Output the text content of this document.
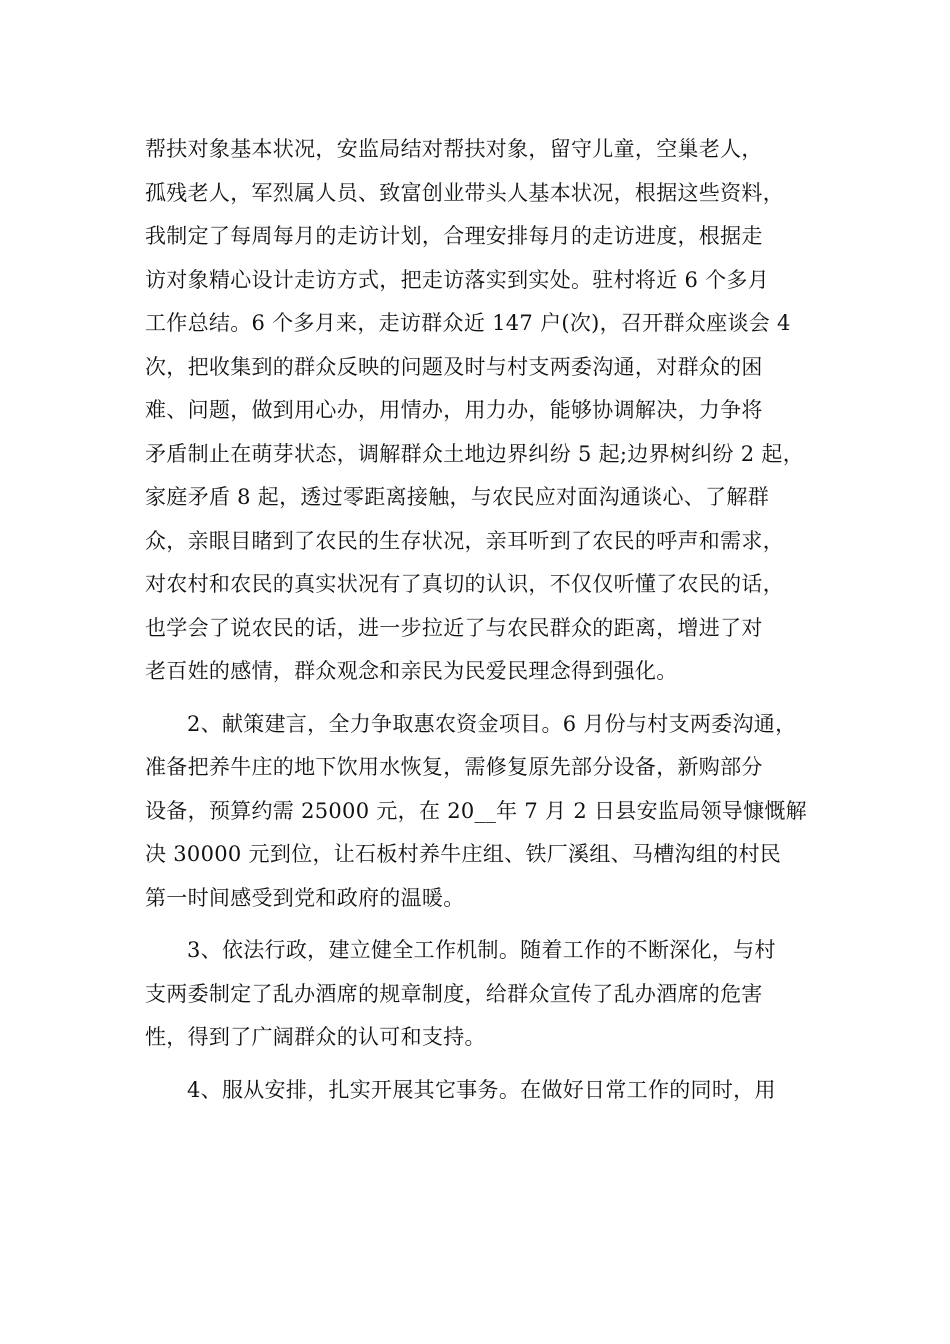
帮扶对象基本状况，安监局结对帮扶对象，留守儿童，空巢老人，
孤残老人，军烈属人员、致富创业带头人基本状况，根据这些资料，
我制定了每周每月的走访计划，合理安排每月的走访进度，根据走
访对象精心设计走访方式，把走访落实到实处。驻村将近 6 个多月
工作总结。6 个多月来，走访群众近 147 户(次)，召开群众座谈会 4
次，把收集到的群众反映的问题及时与村支两委沟通，对群众的困
难、问题，做到用心办，用情办，用力办，能够协调解决，力争将
矛盾制止在萌芽状态，调解群众土地边界纠纷 5 起;边界树纠纷 2 起，
家庭矛盾 8 起，透过零距离接触，与农民应对面沟通谈心、了解群
众，亲眼目睹到了农民的生存状况，亲耳听到了农民的呼声和需求，
对农村和农民的真实状况有了真切的认识，不仅仅听懂了农民的话，
也学会了说农民的话，进一步拉近了与农民群众的距离，增进了对
老百姓的感情，群众观念和亲民为民爱民理念得到强化。
2、献策建言，全力争取惠农资金项目。6 月份与村支两委沟通，
准备把养牛庄的地下饮用水恢复，需修复原先部分设备，新购部分
设备，预算约需 25000 元，在 20__年 7 月 2 日县安监局领导慷慨解
决 30000 元到位，让石板村养牛庄组、铁厂溪组、马槽沟组的村民
第一时间感受到党和政府的温暖。
3、依法行政，建立健全工作机制。随着工作的不断深化，与村
支两委制定了乱办酒席的规章制度，给群众宣传了乱办酒席的危害
性，得到了广阔群众的认可和支持。
4、服从安排，扎实开展其它事务。在做好日常工作的同时，用
